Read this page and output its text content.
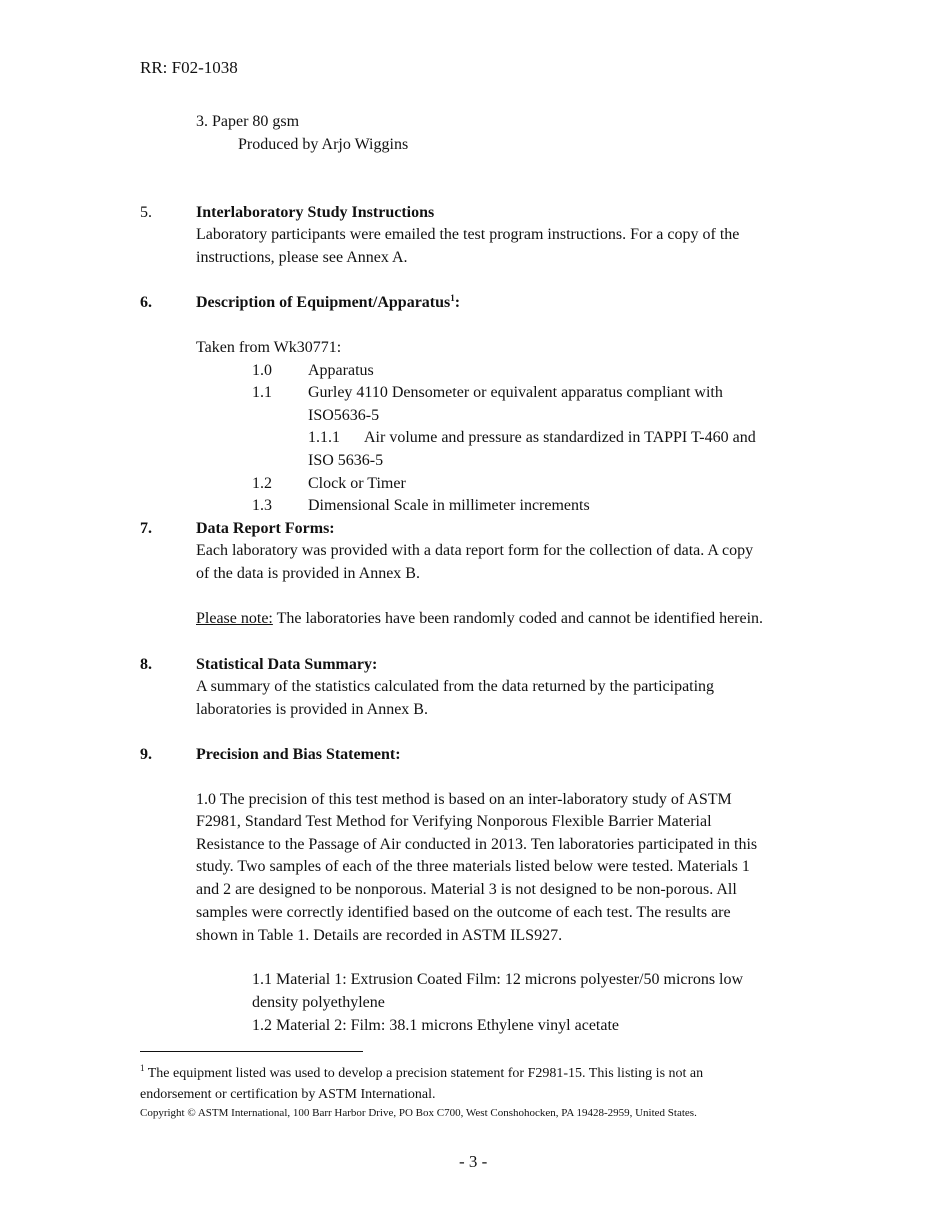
RR: F02-1038
3. Paper 80 gsm
Produced by Arjo Wiggins
5.	Interlaboratory Study Instructions
Laboratory participants were emailed the test program instructions. For a copy of the
instructions, please see Annex A.
6.	Description of Equipment/Apparatus$^1$:
Taken from Wk30771:
1.0 Apparatus
1.1 Gurley 4110 Densometer or equivalent apparatus compliant with
ISO5636-5
1.1.1 Air volume and pressure as standardized in TAPPI T-460 and
ISO 5636-5
1.2 Clock or Timer
1.3 Dimensional Scale in millimeter increments
7.	Data Report Forms:
Each laboratory was provided with a data report form for the collection of data. A copy
of the data is provided in Annex B.
Please note: The laboratories have been randomly coded and cannot be identified herein.
8.	Statistical Data Summary:
A summary of the statistics calculated from the data returned by the participating
laboratories is provided in Annex B.
9.	Precision and Bias Statement:
1.0 The precision of this test method is based on an inter-laboratory study of ASTM
F2981, Standard Test Method for Verifying Nonporous Flexible Barrier Material
Resistance to the Passage of Air conducted in 2013. Ten laboratories participated in this
study. Two samples of each of the three materials listed below were tested. Materials 1
and 2 are designed to be nonporous. Material 3 is not designed to be non-porous. All
samples were correctly identified based on the outcome of each test. The results are
shown in Table 1. Details are recorded in ASTM ILS927.
1.1 Material 1: Extrusion Coated Film: 12 microns polyester/50 microns low
density polyethylene
1.2 Material 2: Film: 38.1 microns Ethylene vinyl acetate
$^1$ The equipment listed was used to develop a precision statement for F2981-15. This listing is not an
endorsement or certification by ASTM International.
Copyright © ASTM International, 100 Barr Harbor Drive, PO Box C700, West Conshohocken, PA 19428-2959, United States.
- 3 -
